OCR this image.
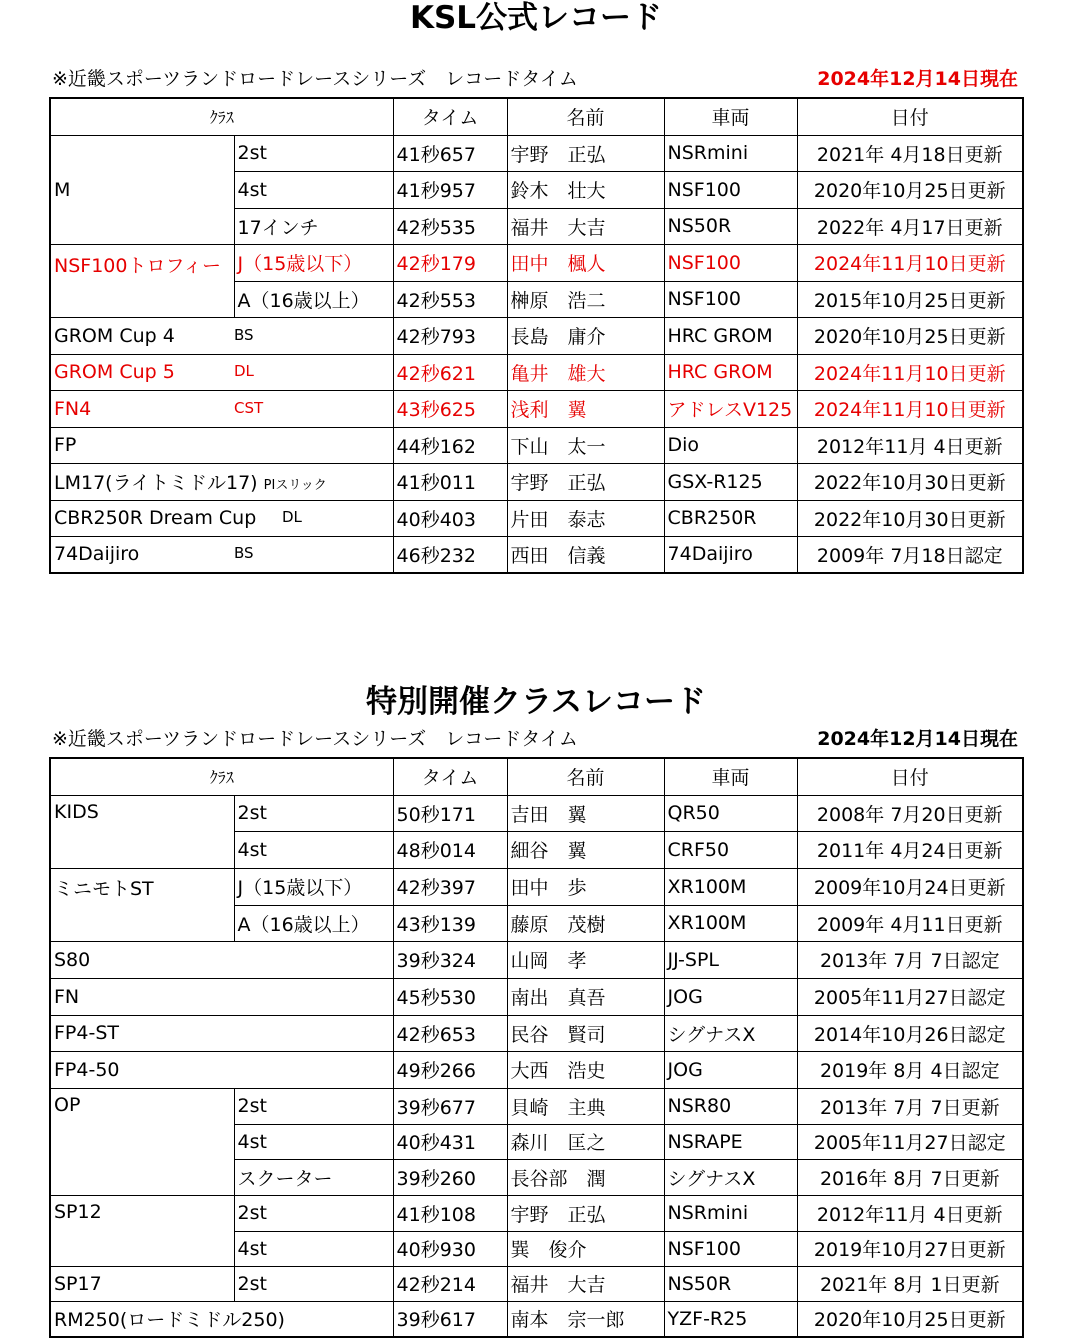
KSL公式レコード
※近畿スポーツランドロードレースシリーズ　レコードタイム	2024年12月14日現在
ｸﾗｽ		タイム	名前	車両	日付
M	2st	41秒657	宇野　正弘	NSRmini	2021年 4月18日更新
	4st	41秒957	鈴木　壮大	NSF100	2020年10月25日更新
	17インチ	42秒535	福井　大吉	NS50R	2022年 4月17日更新
NSF100トロフィー	J（15歳以下）	42秒179	田中　楓人	NSF100	2024年11月10日更新
	A（16歳以上）	42秒553	榊原　浩二	NSF100	2015年10月25日更新

GROM Cup 4 BS		42秒793	長島　庸介	HRC GROM	2020年10月25日更新

GROM Cup 5 DL		42秒621	亀井　雄大	HRC GROM	2024年11月10日更新

FN4 CST		43秒625	浅利　翼	アドレスV125	2024年11月10日更新
FP		44秒162	下山　太一	Dio	2012年11月 4日更新
LM17(ライトミドル17) PIスリック		41秒011	宇野　正弘	GSX-R125	2022年10月30日更新

CBR250R Dream Cup DL		40秒403	片田　泰志	CBR250R	2022年10月30日更新

74Daijiro BS		46秒232	西田　信義	74Daijiro	2009年 7月18日認定
特別開催クラスレコード
※近畿スポーツランドロードレースシリーズ　レコードタイム	2024年12月14日現在
ｸﾗｽ		タイム	名前	車両	日付
KIDS	2st	50秒171	吉田　翼	QR50	2008年 7月20日更新
	4st	48秒014	細谷　翼	CRF50	2011年 4月24日更新
ミニモトST	J（15歳以下）	42秒397	田中　歩	XR100M	2009年10月24日更新
	A（16歳以上）	43秒139	藤原　茂樹	XR100M	2009年 4月11日更新
S80		39秒324	山岡　孝	JJ-SPL	2013年 7月 7日認定
FN		45秒530	南出　真吾	JOG	2005年11月27日認定
FP4-ST		42秒653	民谷　賢司	シグナスX	2014年10月26日認定
FP4-50		49秒266	大西　浩史	JOG	2019年 8月 4日認定
OP	2st	39秒677	貝崎　主典	NSR80	2013年 7月 7日更新
	4st	40秒431	森川　匡之	NSRAPE	2005年11月27日認定
	スクーター	39秒260	長谷部　潤	シグナスX	2016年 8月 7日更新
SP12	2st	41秒108	宇野　正弘	NSRmini	2012年11月 4日更新
	4st	40秒930	巽　俊介	NSF100	2019年10月27日更新
SP17	2st	42秒214	福井　大吉	NS50R	2021年 8月 1日更新
RM250(ロードミドル250)		39秒617	南本　宗一郎	YZF-R25	2020年10月25日更新
